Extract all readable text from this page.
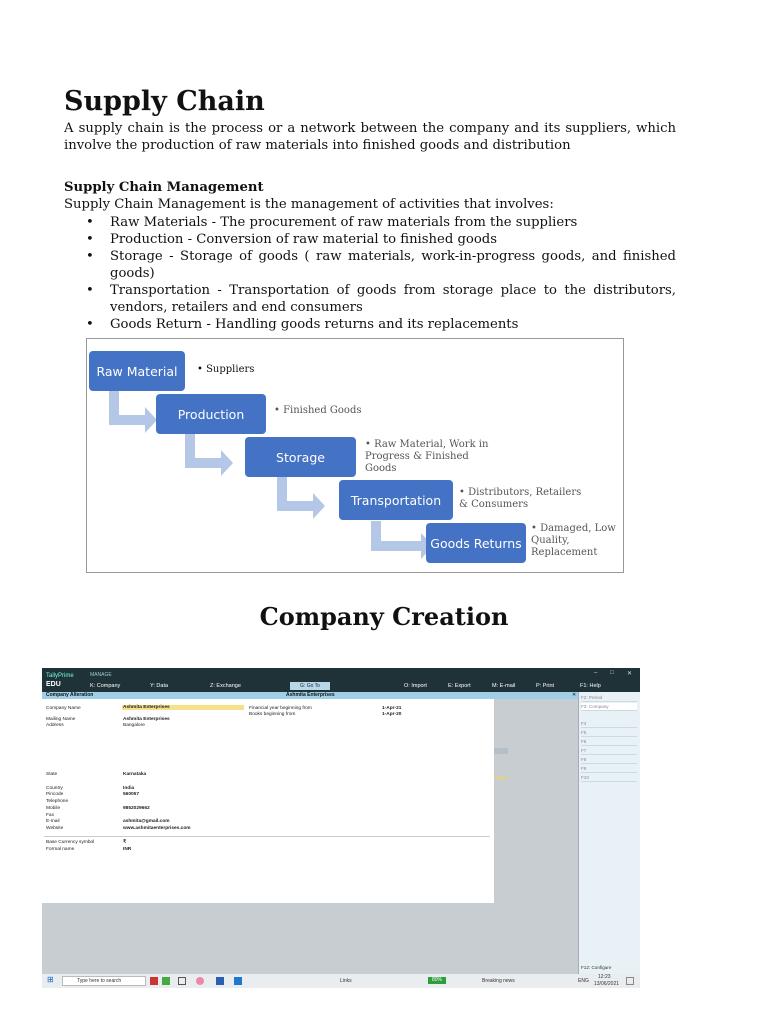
Supply Chain
A supply chain is the process or a network between the company and its suppliers, which involve the production of raw materials into finished goods and distribution
Supply Chain Management
Supply Chain Management is the management of activities that involves:
• Raw Materials - The procurement of raw materials from the suppliers
• Production - Conversion of raw material to finished goods
• Storage - Storage of goods ( raw materials, work-in-progress goods, and finished goods)
• Transportation - Transportation of goods from storage place to the distributors, vendors, retailers and end consumers
• Goods Return - Handling goods returns and its replacements
Raw Material
Production
Storage
Transportation
Goods Returns
• Suppliers
• Finished Goods
• Raw Material, Work in
Progress & Finished
Goods
• Distributors, Retailers
& Consumers
• Damaged, Low
Quality,
Replacement
Company Creation
TallyPrime
EDU
MANAGE
K: Company	Y: Data	Z: Exchange	G: Go To	O: Import	E: Export	M: E-mail	P: Print	F1: Help
– □ ✕
Company Alteration	Ashmita Enterprises	✕
Company Name	Ashmita Enterprises	Financial year beginning from	1-Apr-21
Books beginning from	1-Apr-20
Mailing Name	Ashmita Enterprises
Address	Bangalore
State	Karnataka
Country	India
Pincode	560057
Telephone
Mobile	9852029662
Fax
E-mail	ashmita@gmail.com
Website	www.ashmitaenterprises.com
Base Currency symbol	₹
Formal name	INR
F2: Period
F3: Company
F4
F5
F6
F7
F8
F9
F10
F12: Configure
⊞	Type here to search	Links	80%	Breaking news	ENG
12:23
13/06/2021
